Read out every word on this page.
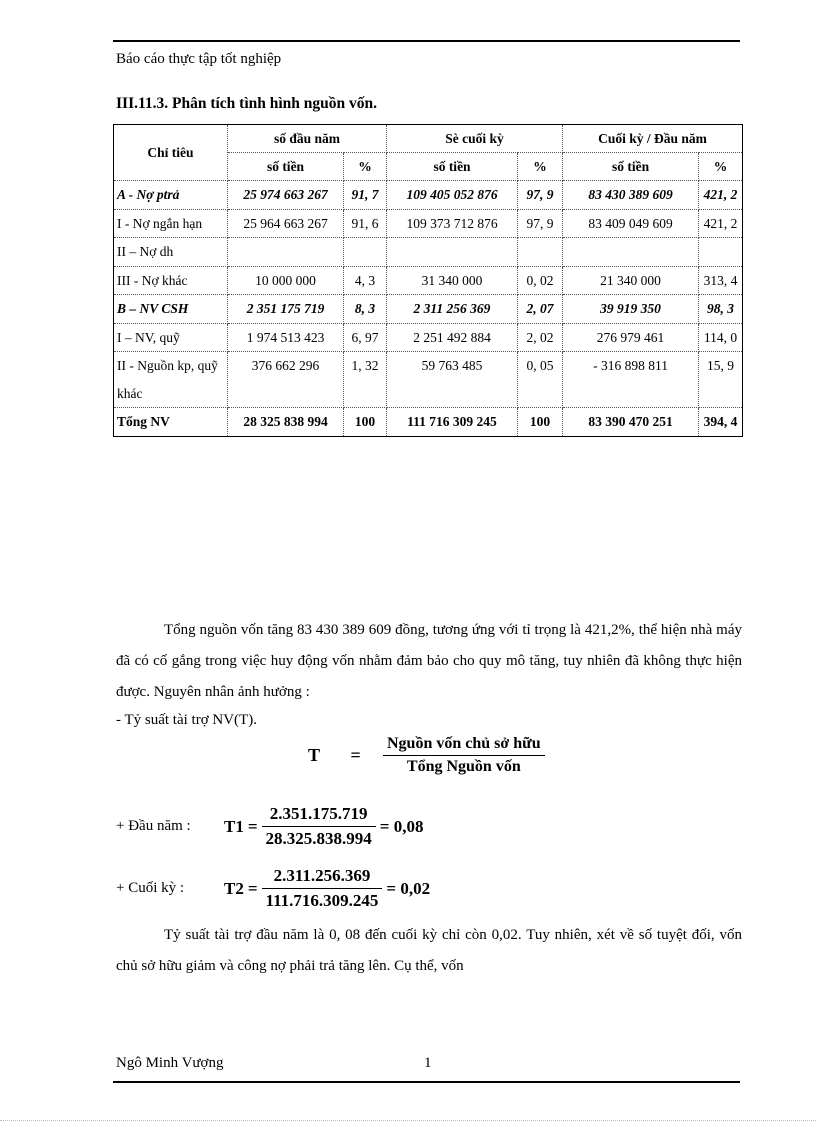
Báo cáo thực tập tốt nghiệp
III.11.3. Phân tích tình hình nguồn vốn.
Chỉ tiêu	số đầu năm		Sè cuối kỳ		Cuối kỳ / Đầu năm	
	số tiền	%	số tiền	%	số tiền	%
A - Nợ ptrả	25 974 663 267	91, 7	109 405 052 876	97, 9	83 430 389 609	421, 2
I - Nợ ngắn hạn	25 964 663 267	91, 6	109 373 712 876	97, 9	83 409 049 609	421, 2
II – Nợ dh						
III - Nợ khác	10 000 000	4, 3	31 340 000	0, 02	21 340 000	313, 4
B – NV CSH	2 351 175 719	8, 3	2 311 256 369	2, 07	39 919 350	98, 3
I – NV, quỹ	1 974 513 423	6, 97	2 251 492 884	2, 02	276 979 461	114, 0
II - Nguồn kp, quỹ khác	376 662 296	1, 32	59 763 485	0, 05	- 316 898 811	15, 9
Tổng NV	28 325 838 994	100	111 716 309 245	100	83 390 470 251	394, 4
Tổng nguồn vốn tăng 83 430 389 609 đồng, tương ứng với tỉ trọng là 421,2%, thể hiện nhà máy đã có cố gắng trong việc huy động vốn nhằm đảm bảo cho quy mô tăng, tuy nhiên đã không thực hiện được. Nguyên nhân ảnh hưởng :
- Tỷ suất tài trợ NV(T).
$T = \frac{\text{Nguồn vốn chủ sở hữu}}{\text{Tổng Nguồn vốn}}$
+ Đầu năm : $T1 = \frac{2.351.175.719}{28.325.838.994} = 0,08$
+ Cuối kỳ : $T2 = \frac{2.311.256.369}{111.716.309.245} = 0,02$
Tỷ suất tài trợ đầu năm là 0, 08 đến cuối kỳ chỉ còn 0,02. Tuy nhiên, xét về số tuyệt đối, vốn chủ sở hữu giảm và công nợ phải trả tăng lên. Cụ thể, vốn
Ngô Minh Vượng	1
